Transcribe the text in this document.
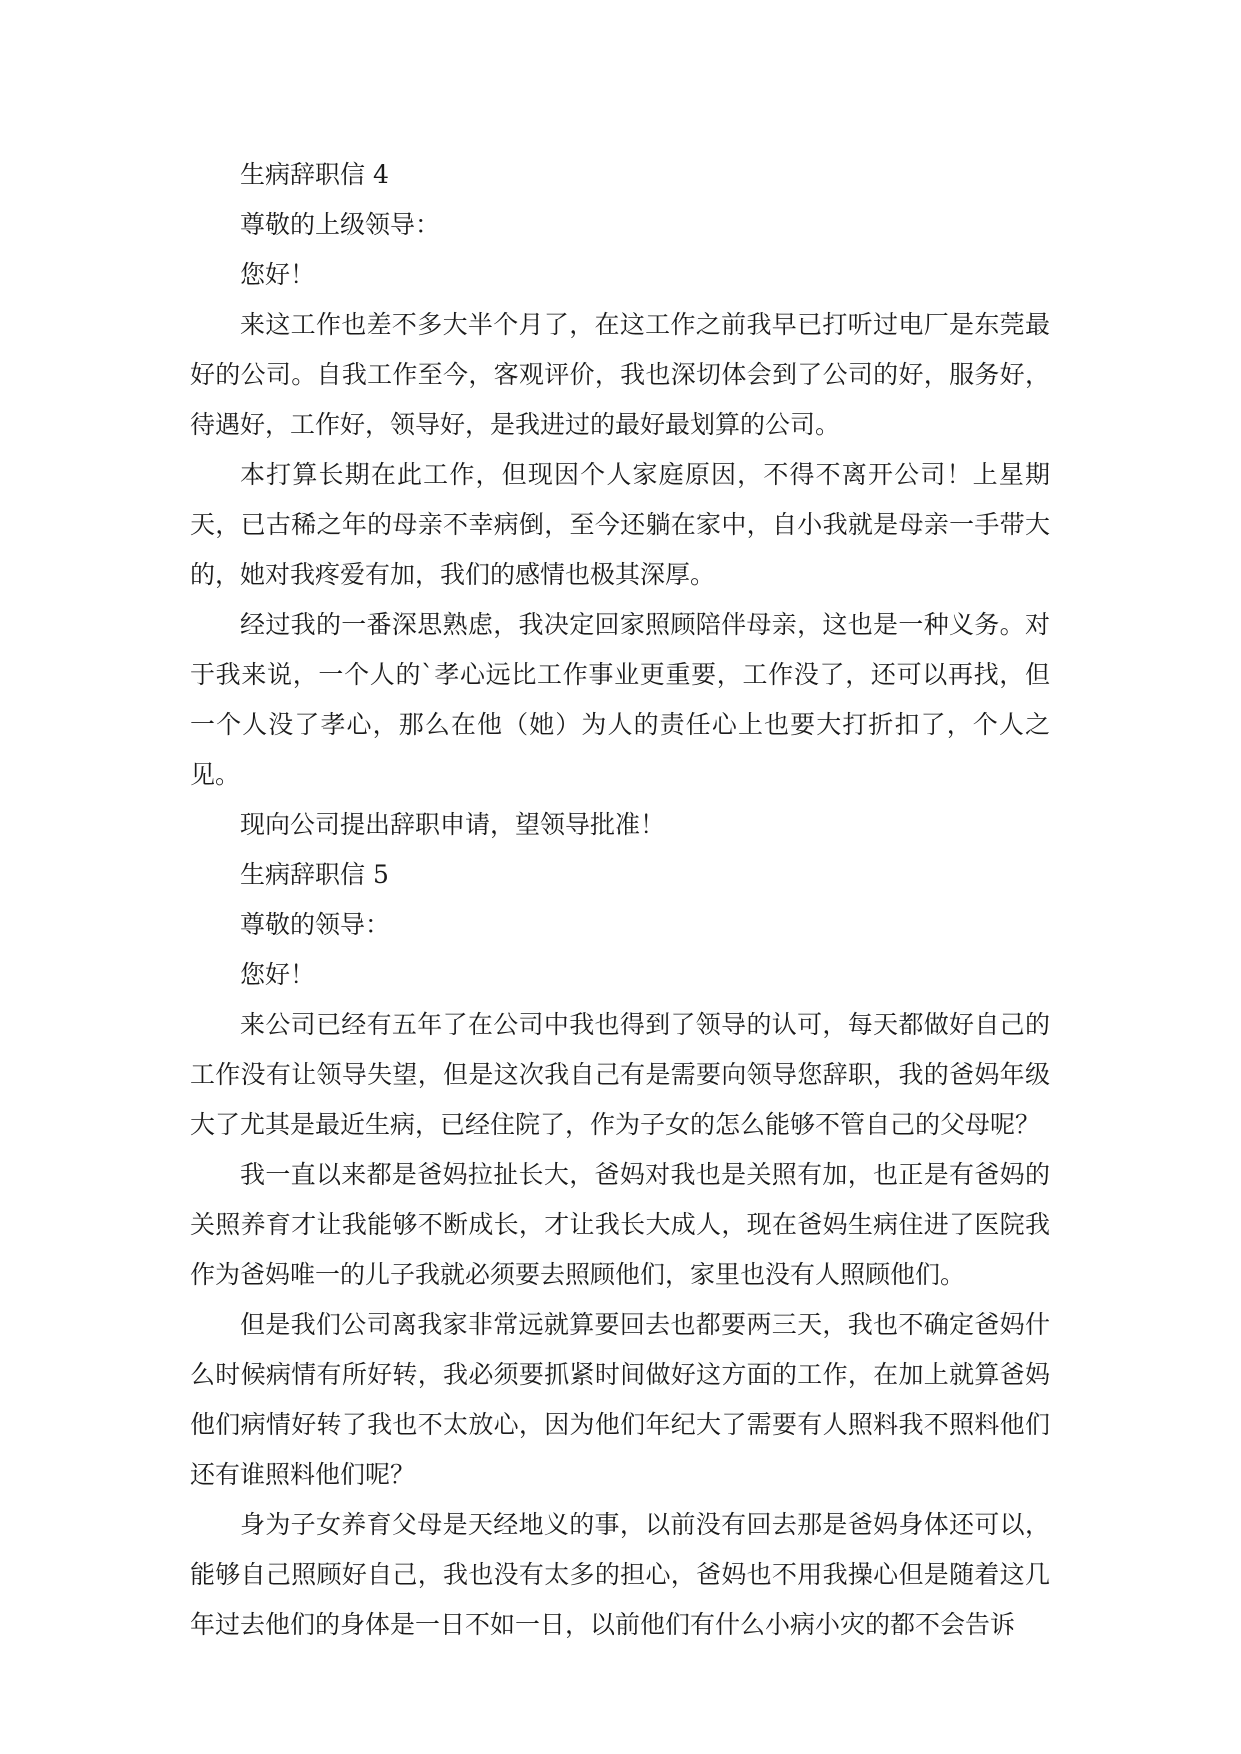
生病辞职信 4

尊敬的上级领导：

您好！

来这工作也差不多大半个月了，在这工作之前我早已打听过电厂是东莞最好的公司。自我工作至今，客观评价，我也深切体会到了公司的好，服务好，待遇好，工作好，领导好，是我进过的最好最划算的公司。

本打算长期在此工作，但现因个人家庭原因，不得不离开公司！上星期天，已古稀之年的母亲不幸病倒，至今还躺在家中，自小我就是母亲一手带大的，她对我疼爱有加，我们的感情也极其深厚。

经过我的一番深思熟虑，我决定回家照顾陪伴母亲，这也是一种义务。对于我来说，一个人的`孝心远比工作事业更重要，工作没了，还可以再找，但一个人没了孝心，那么在他（她）为人的责任心上也要大打折扣了，个人之见。

现向公司提出辞职申请，望领导批准！

生病辞职信 5

尊敬的领导：

您好！

来公司已经有五年了在公司中我也得到了领导的认可，每天都做好自己的工作没有让领导失望，但是这次我自己有是需要向领导您辞职，我的爸妈年级大了尤其是最近生病，已经住院了，作为子女的怎么能够不管自己的父母呢？

我一直以来都是爸妈拉扯长大，爸妈对我也是关照有加，也正是有爸妈的关照养育才让我能够不断成长，才让我长大成人，现在爸妈生病住进了医院我作为爸妈唯一的儿子我就必须要去照顾他们，家里也没有人照顾他们。

但是我们公司离我家非常远就算要回去也都要两三天，我也不确定爸妈什么时候病情有所好转，我必须要抓紧时间做好这方面的工作，在加上就算爸妈他们病情好转了我也不太放心，因为他们年纪大了需要有人照料我不照料他们还有谁照料他们呢？

身为子女养育父母是天经地义的事，以前没有回去那是爸妈身体还可以，能够自己照顾好自己，我也没有太多的担心，爸妈也不用我操心但是随着这几年过去他们的身体是一日不如一日，以前他们有什么小病小灾的都不会告诉
